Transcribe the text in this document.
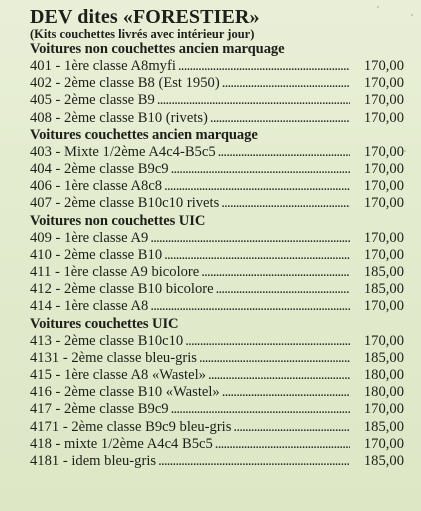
DEV dites «FORESTIER»
(Kits couchettes livrés avec intérieur jour)
Voitures non couchettes ancien marquage
401 - 1ère classe A8myfi . . .	170,00
402 - 2ème classe B8 (Est 1950) . . .	170,00
405 - 2ème classe B9 . . .	170,00
408 - 2ème classe B10 (rivets) . . .	170,00
Voitures couchettes ancien marquage
403 - Mixte 1/2ème A4c4-B5c5 . . .	170,00
404 - 2ème classe B9c9 . . .	170,00
406 - 1ère classe A8c8 . . .	170,00
407 - 2ème classe B10c10 rivets . . .	170,00
Voitures non couchettes UIC
409 - 1ère classe A9 . . .	170,00
410 - 2ème classe B10 . . .	170,00
411 - 1ère classe A9 bicolore . . .	185,00
412 - 2ème classe B10 bicolore . . .	185,00
414 - 1ère classe A8 . . .	170,00
Voitures couchettes UIC
413 - 2ème classe B10c10 . . .	170,00
4131 - 2ème classe bleu-gris . . .	185,00
415 - 1ère classe A8 «Wastel» . . .	180,00
416 - 2ème classe B10 «Wastel» . . .	180,00
417 - 2ème classe B9c9 . . .	170,00
4171 - 2ème classe B9c9 bleu-gris . . .	185,00
418 - mixte 1/2ème A4c4 B5c5 . . .	170,00
4181 - idem bleu-gris . . .	185,00
